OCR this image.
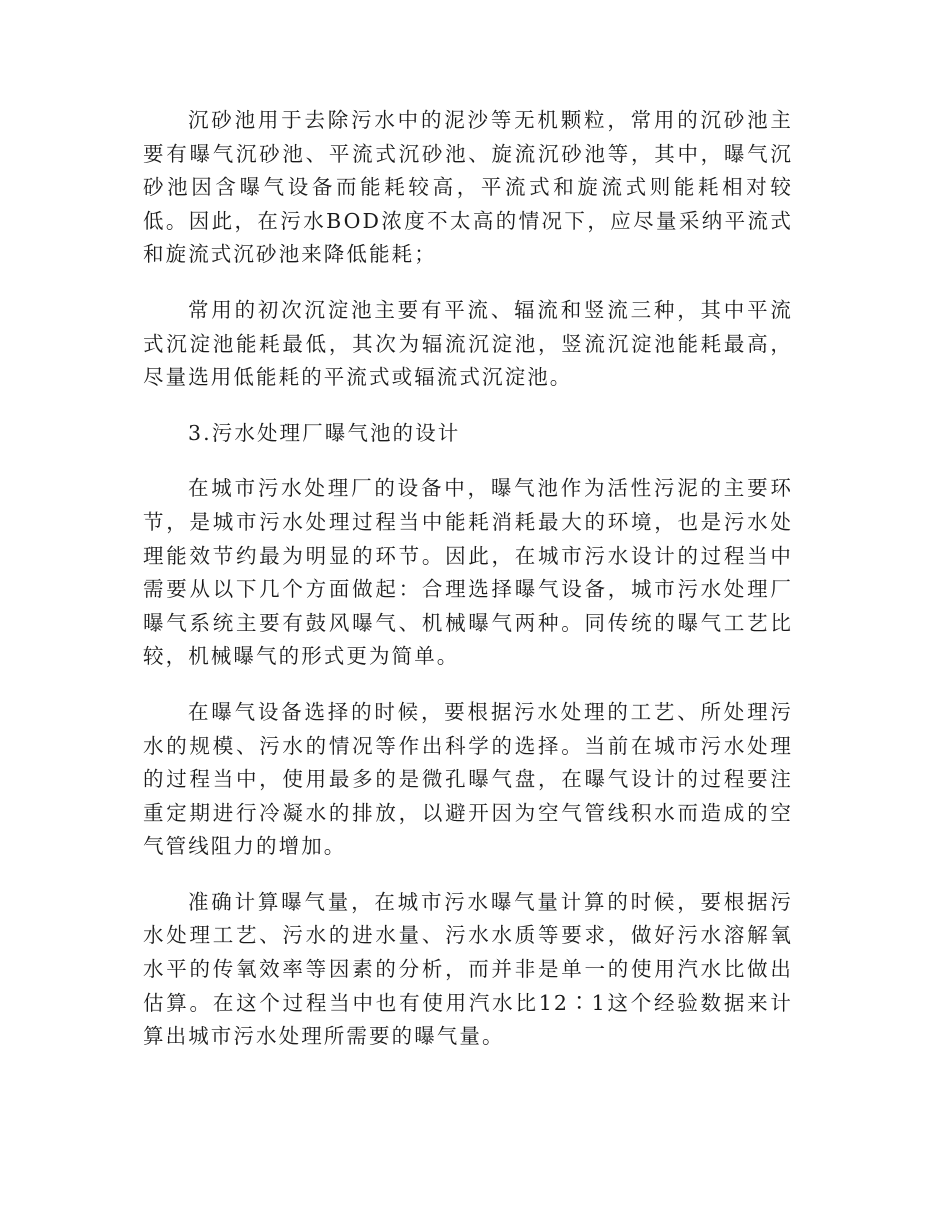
沉砂池用于去除污水中的泥沙等无机颗粒，常用的沉砂池主要有曝气沉砂池、平流式沉砂池、旋流沉砂池等，其中，曝气沉砂池因含曝气设备而能耗较高，平流式和旋流式则能耗相对较低。因此，在污水BOD浓度不太高的情况下，应尽量采纳平流式和旋流式沉砂池来降低能耗；

常用的初次沉淀池主要有平流、辐流和竖流三种，其中平流式沉淀池能耗最低，其次为辐流沉淀池，竖流沉淀池能耗最高，尽量选用低能耗的平流式或辐流式沉淀池。

3.污水处理厂曝气池的设计

在城市污水处理厂的设备中，曝气池作为活性污泥的主要环节，是城市污水处理过程当中能耗消耗最大的环境，也是污水处理能效节约最为明显的环节。因此，在城市污水设计的过程当中需要从以下几个方面做起：合理选择曝气设备，城市污水处理厂曝气系统主要有鼓风曝气、机械曝气两种。同传统的曝气工艺比较，机械曝气的形式更为简单。

在曝气设备选择的时候，要根据污水处理的工艺、所处理污水的规模、污水的情况等作出科学的选择。当前在城市污水处理的过程当中，使用最多的是微孔曝气盘，在曝气设计的过程要注重定期进行冷凝水的排放，以避开因为空气管线积水而造成的空气管线阻力的增加。

准确计算曝气量，在城市污水曝气量计算的时候，要根据污水处理工艺、污水的进水量、污水水质等要求，做好污水溶解氧水平的传氧效率等因素的分析，而并非是单一的使用汽水比做出估算。在这个过程当中也有使用汽水比12∶1这个经验数据来计算出城市污水处理所需要的曝气量。
